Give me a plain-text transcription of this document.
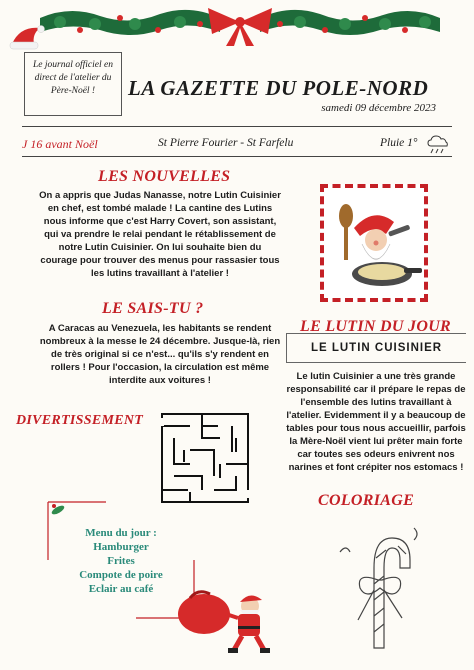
Le journal officiel en direct de l'atelier du Père-Noël !	LA GAZETTE DU POLE-NORD
samedi 09 décembre 2023
J 16 avant Noël	St Pierre Fourier - St Farfelu	Pluie 1°
LES NOUVELLES
On a appris que Judas Nanasse, notre Lutin Cuisinier
en chef, est tombé malade ! La cantine des Lutins
nous informe que c'est Harry Covert, son assistant,
qui va prendre le relai pendant le rétablissement de
notre Lutin Cuisinier. On lui souhaite bien du
courage pour trouver des menus pour rassasier tous
les lutins travaillant à l'atelier !
LE SAIS-TU ?
A Caracas au Venezuela, les habitants se rendent
nombreux à la messe le 24 décembre. Jusque-là, rien
de très original si ce n'est... qu'ils s'y rendent en
rollers ! Pour l'occasion, la circulation est même
interdite aux voitures !
LE LUTIN DU JOUR
LE LUTIN CUISINIER
Le lutin Cuisinier a une très grande
responsabilité car il prépare le repas de
l'ensemble des lutins travaillant à
l'atelier. Evidemment il y a beaucoup de
tables pour tous nous accueillir, parfois
la Mère-Noël vient lui prêter main forte
car toutes ses odeurs enivrent nos
narines et font crépiter nos estomacs !
DIVERTISSEMENT
COLORIAGE
Menu du jour :
Hamburger
Frites
Compote de poire
Eclair au café
